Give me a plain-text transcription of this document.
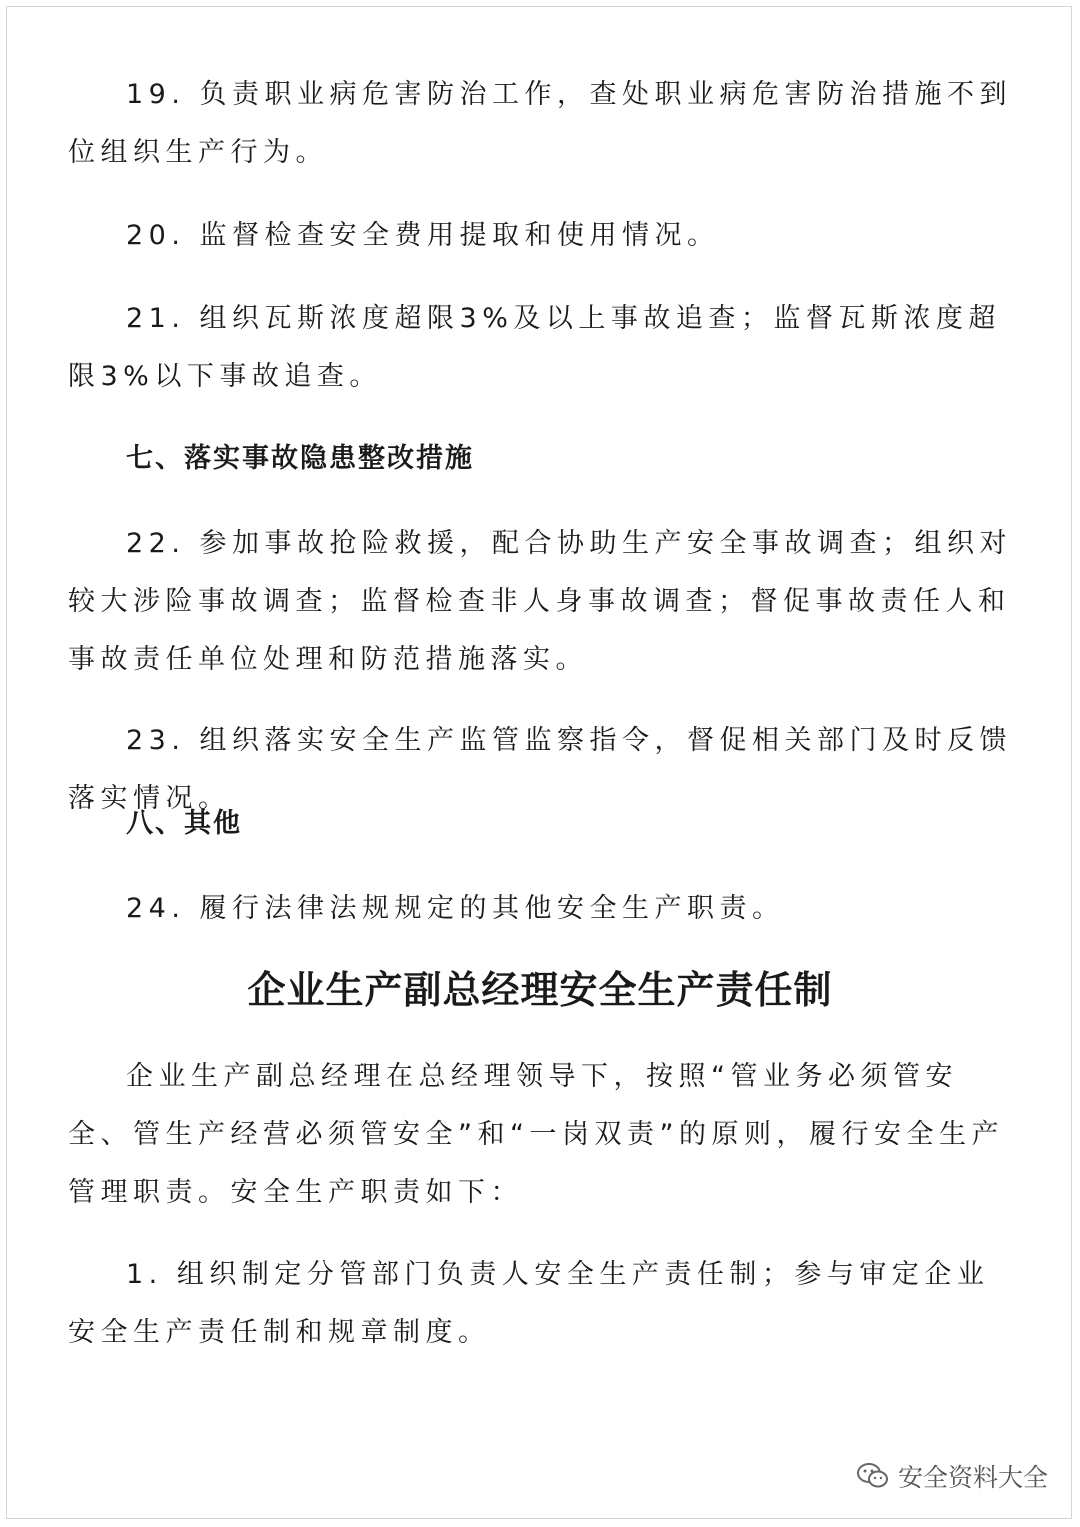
19. 负责职业病危害防治工作，查处职业病危害防治措施不到位组织生产行为。
20. 监督检查安全费用提取和使用情况。
21. 组织瓦斯浓度超限3%及以上事故追查；监督瓦斯浓度超限3%以下事故追查。
七、落实事故隐患整改措施
22. 参加事故抢险救援，配合协助生产安全事故调查；组织对较大涉险事故调查；监督检查非人身事故调查；督促事故责任人和事故责任单位处理和防范措施落实。
23. 组织落实安全生产监管监察指令，督促相关部门及时反馈落实情况。
八、其他
24. 履行法律法规规定的其他安全生产职责。
企业生产副总经理安全生产责任制
企业生产副总经理在总经理领导下，按照“管业务必须管安全、管生产经营必须管安全”和“一岗双责”的原则，履行安全生产管理职责。安全生产职责如下：
1. 组织制定分管部门负责人安全生产责任制；参与审定企业安全生产责任制和规章制度。
安全资料大全
